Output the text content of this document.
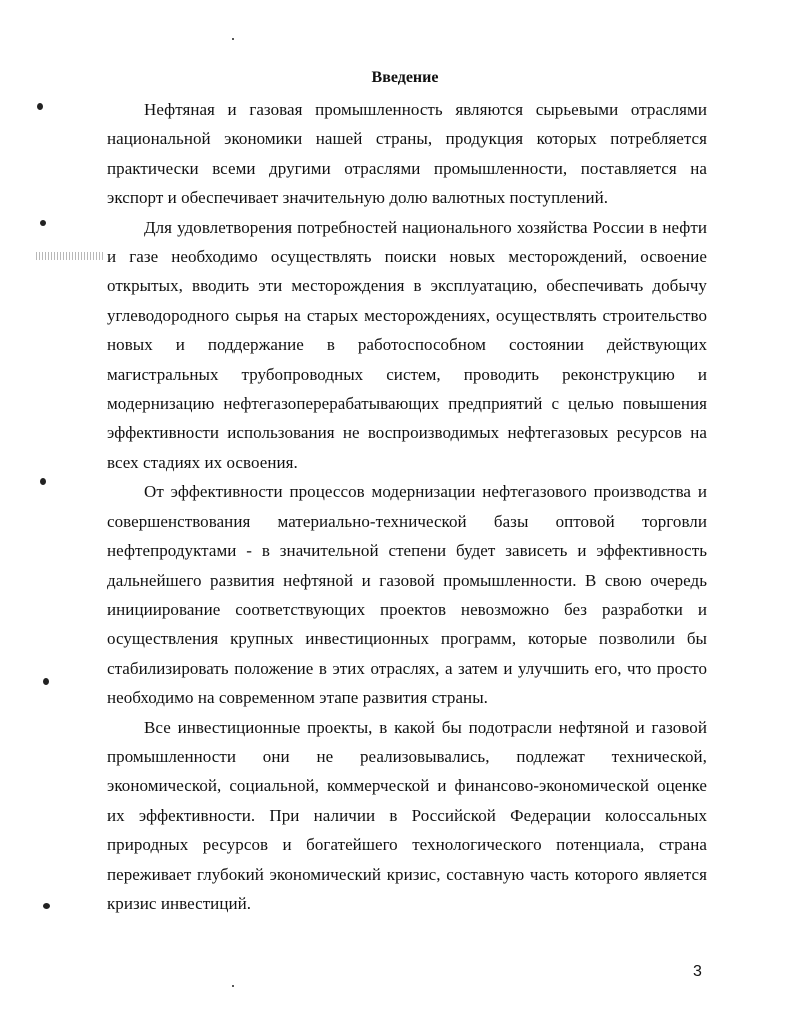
Введение

Нефтяная и газовая промышленность являются сырьевыми отраслями национальной экономики нашей страны, продукция которых потребляется практически всеми другими отраслями промышленности, поставляется на экспорт и обеспечивает значительную долю валютных поступлений.

Для удовлетворения потребностей национального хозяйства России в нефти и газе необходимо осуществлять поиски новых месторождений, освоение открытых, вводить эти месторождения в эксплуатацию, обеспечивать добычу углеводородного сырья на старых месторождениях, осуществлять строительство новых и поддержание в работоспособном состоянии действующих магистральных трубопроводных систем, проводить реконструкцию и модернизацию нефтегазоперерабатывающих предприятий с целью повышения эффективности использования не воспроизводимых нефтегазовых ресурсов на всех стадиях их освоения.

От эффективности процессов модернизации нефтегазового производства и совершенствования материально-технической базы оптовой торговли нефтепродуктами - в значительной степени будет зависеть и эффективность дальнейшего развития нефтяной и газовой промышленности. В свою очередь инициирование соответствующих проектов невозможно без разработки и осуществления крупных инвестиционных программ, которые позволили бы стабилизировать положение в этих отраслях, а затем и улучшить его, что просто необходимо на современном этапе развития страны.

Все инвестиционные проекты, в какой бы подотрасли нефтяной и газовой промышленности они не реализовывались, подлежат технической, экономической, социальной, коммерческой и финансово-экономической оценке их эффективности. При наличии в Российской Федерации колоссальных природных ресурсов и богатейшего технологического потенциала, страна переживает глубокий экономический кризис, составную часть которого является кризис инвестиций.

3
